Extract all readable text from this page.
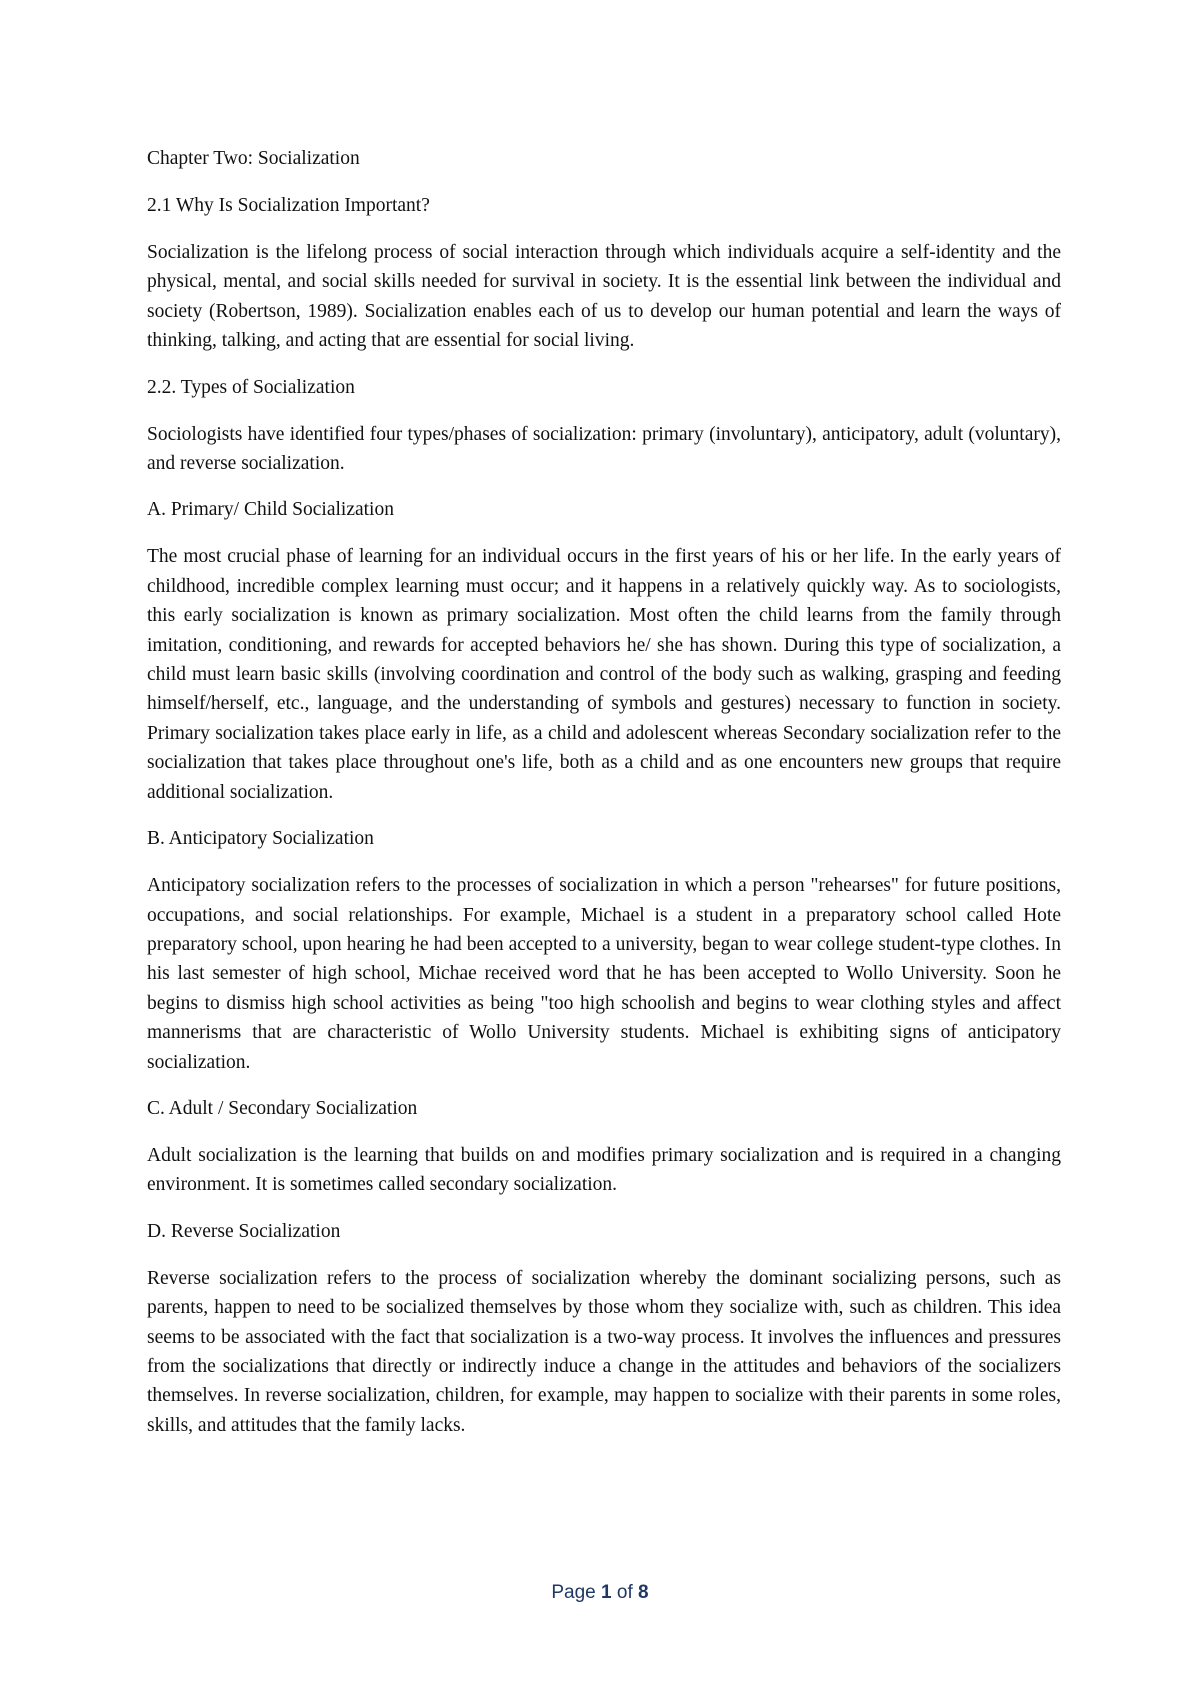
Chapter Two: Socialization

2.1 Why Is Socialization Important?

Socialization is the lifelong process of social interaction through which individuals acquire a self-identity and the physical, mental, and social skills needed for survival in society. It is the essential link between the individual and society (Robertson, 1989). Socialization enables each of us to develop our human potential and learn the ways of thinking, talking, and acting that are essential for social living.

2.2. Types of Socialization

Sociologists have identified four types/phases of socialization: primary (involuntary), anticipatory, adult (voluntary), and reverse socialization.

A. Primary/ Child Socialization

The most crucial phase of learning for an individual occurs in the first years of his or her life. In the early years of childhood, incredible complex learning must occur; and it happens in a relatively quickly way. As to sociologists, this early socialization is known as primary socialization. Most often the child learns from the family through imitation, conditioning, and rewards for accepted behaviors he/ she has shown. During this type of socialization, a child must learn basic skills (involving coordination and control of the body such as walking, grasping and feeding himself/herself, etc., language, and the understanding of symbols and gestures) necessary to function in society. Primary socialization takes place early in life, as a child and adolescent whereas Secondary socialization refer to the socialization that takes place throughout one's life, both as a child and as one encounters new groups that require additional socialization.

B. Anticipatory Socialization

Anticipatory socialization refers to the processes of socialization in which a person "rehearses" for future positions, occupations, and social relationships. For example, Michael is a student in a preparatory school called Hote preparatory school, upon hearing he had been accepted to a university, began to wear college student-type clothes. In his last semester of high school, Michae received word that he has been accepted to Wollo University. Soon he begins to dismiss high school activities as being "too high schoolish and begins to wear clothing styles and affect mannerisms that are characteristic of Wollo University students. Michael is exhibiting signs of anticipatory socialization.

C. Adult / Secondary Socialization

Adult socialization is the learning that builds on and modifies primary socialization and is required in a changing environment. It is sometimes called secondary socialization.

D. Reverse Socialization

Reverse socialization refers to the process of socialization whereby the dominant socializing persons, such as parents, happen to need to be socialized themselves by those whom they socialize with, such as children. This idea seems to be associated with the fact that socialization is a two-way process. It involves the influences and pressures from the socializations that directly or indirectly induce a change in the attitudes and behaviors of the socializers themselves. In reverse socialization, children, for example, may happen to socialize with their parents in some roles, skills, and attitudes that the family lacks.

Page 1 of 8
